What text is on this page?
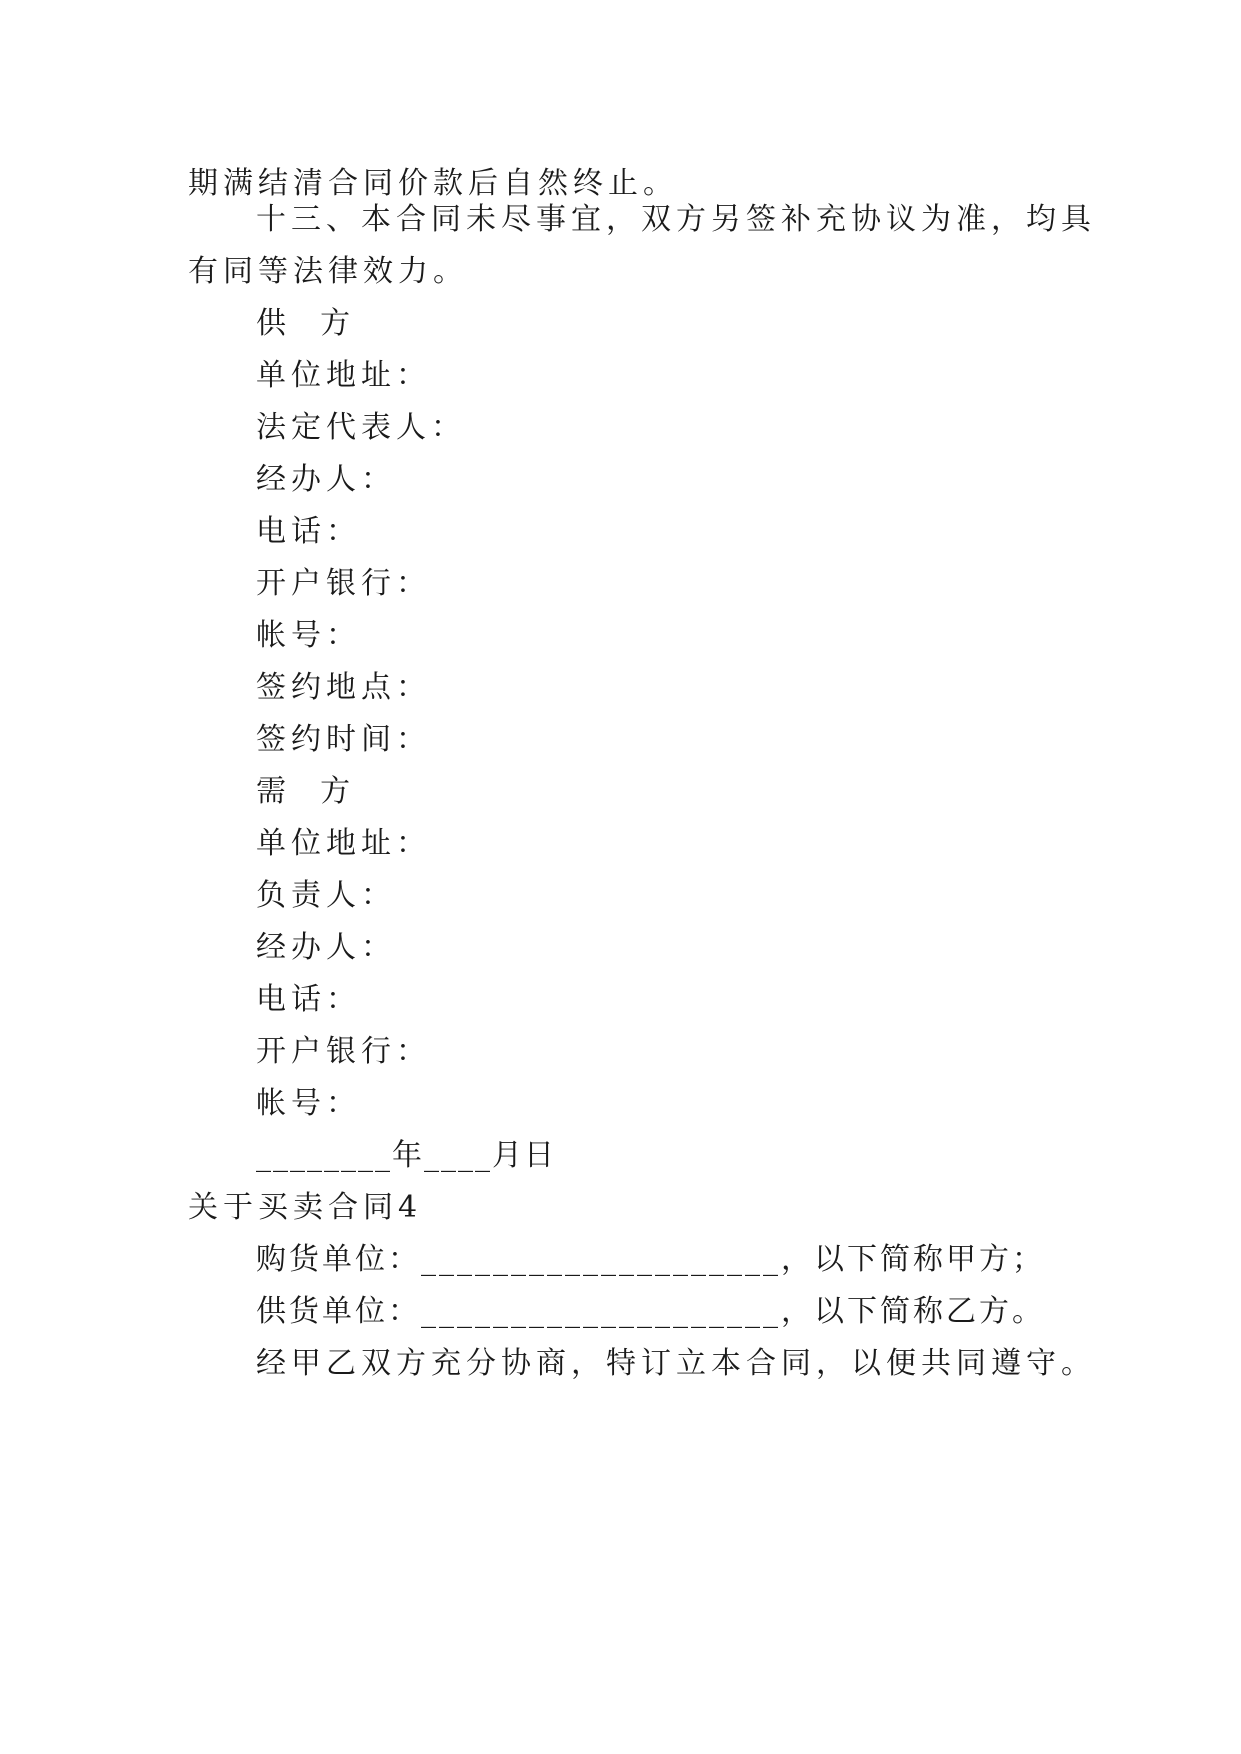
期满结清合同价款后自然终止。
十三、本合同未尽事宜，双方另签补充协议为准，均具
有同等法律效力。
供  方
单位地址：
法定代表人：
经办人：
电话：
开户银行：
帐号：
签约地点：
签约时间：
需  方
单位地址：
负责人：
经办人：
电话：
开户银行：
帐号：
________年____月日
关于买卖合同4
购货单位：____________________，以下简称甲方；
供货单位：____________________，以下简称乙方。
经甲乙双方充分协商，特订立本合同，以便共同遵守。
